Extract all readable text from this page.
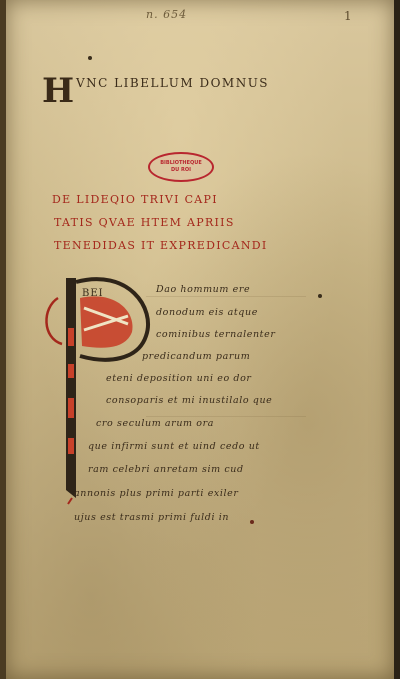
n. 654	1
H VNC LIBELLUM DOMNUS
BIBLIOTHEQUE
DU ROI
DE LIDEQIO TRIVI CAPI
TATIS QVAE HTEM APRIIS
TENEDIDAS IT EXPREDICANDI
BEI	Dao hommum ere
donodum eis atque
cominibus ternalenter
predicandum parum
eteni deposition uni eo dor
consoparis et mi inustilalo que
cro seculum arum ora
que infirmi sunt et uind cedo ut
ram celebri anretam sim cud
annonis plus primi parti exiler
ujus est trasmi primi fuldi in
